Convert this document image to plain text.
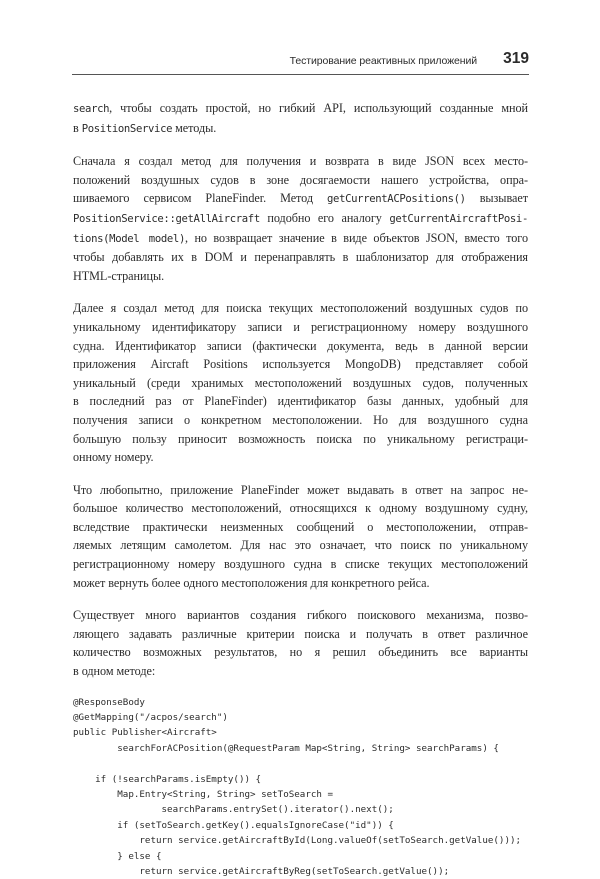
Тестирование реактивных приложений 319

search, чтобы создать простой, но гибкий API, использующий созданные мной
в PositionService методы.

Сначала я создал метод для получения и возврата в виде JSON всех место-
положений воздушных судов в зоне досягаемости нашего устройства, опра-
шиваемого сервисом PlaneFinder. Метод getCurrentACPositions() вызывает
PositionService::getAllAircraft подобно его аналогу getCurrentAircraftPosi-
tions(Model model), но возвращает значение в виде объектов JSON, вместо того
чтобы добавлять их в DOM и перенаправлять в шаблонизатор для отображения
HTML-страницы.

Далее я создал метод для поиска текущих местоположений воздушных судов по
уникальному идентификатору записи и регистрационному номеру воздушного
судна. Идентификатор записи (фактически документа, ведь в данной версии
приложения Aircraft Positions используется MongoDB) представляет собой
уникальный (среди хранимых местоположений воздушных судов, полученных
в последний раз от PlaneFinder) идентификатор базы данных, удобный для
получения записи о конкретном местоположении. Но для воздушного судна
большую пользу приносит возможность поиска по уникальному регистраци-
онному номеру.

Что любопытно, приложение PlaneFinder может выдавать в ответ на запрос не-
большое количество местоположений, относящихся к одному воздушному судну,
вследствие практически неизменных сообщений о местоположении, отправ-
ляемых летящим самолетом. Для нас это означает, что поиск по уникальному
регистрационному номеру воздушного судна в списке текущих местоположений
может вернуть более одного местоположения для конкретного рейса.

Существует много вариантов создания гибкого поискового механизма, позво-
ляющего задавать различные критерии поиска и получать в ответ различное
количество возможных результатов, но я решил объединить все варианты
в одном методе:

@ResponseBody
@GetMapping("/acpos/search")
public Publisher<Aircraft>
searchForACPosition(@RequestParam Map<String, String> searchParams) {
if (!searchParams.isEmpty()) {
Map.Entry<String, String> setToSearch =
searchParams.entrySet().iterator().next();
if (setToSearch.getKey().equalsIgnoreCase("id")) {
return service.getAircraftById(Long.valueOf(setToSearch.getValue()));
} else {
return service.getAircraftByReg(setToSearch.getValue());
